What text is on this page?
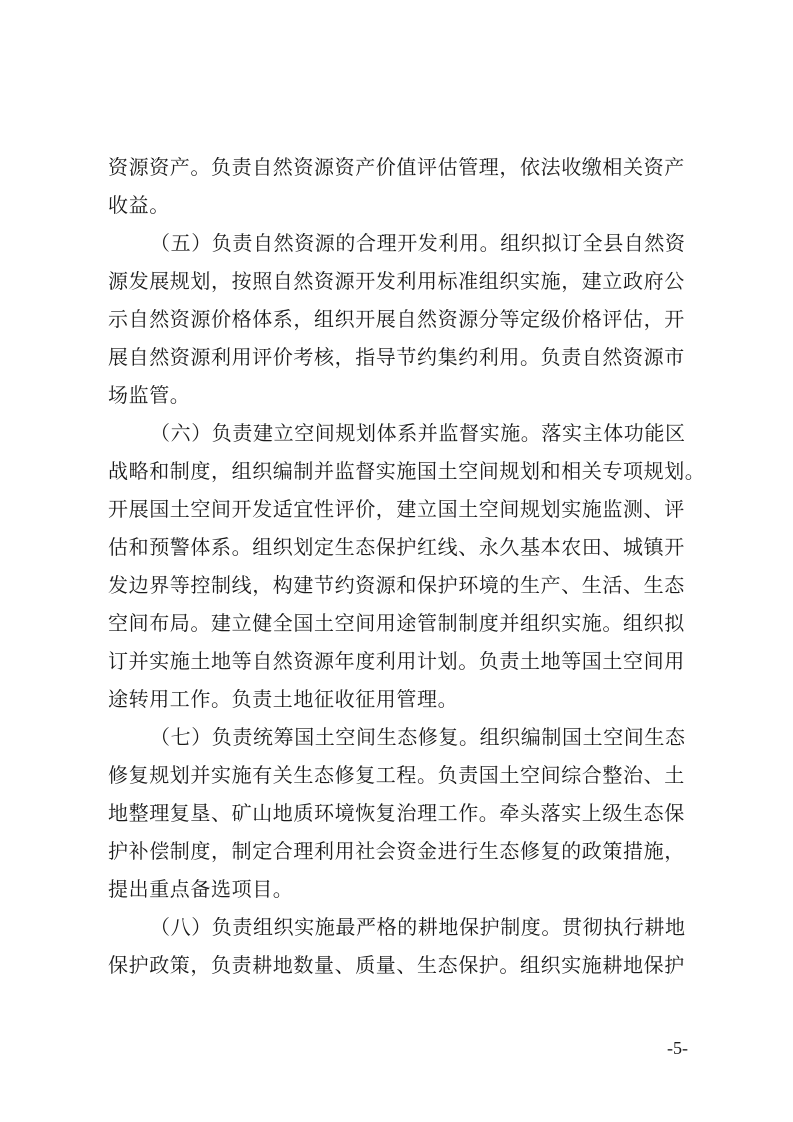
资源资产。负责自然资源资产价值评估管理，依法收缴相关资产
收益。
（五）负责自然资源的合理开发利用。组织拟订全县自然资
源发展规划，按照自然资源开发利用标准组织实施，建立政府公
示自然资源价格体系，组织开展自然资源分等定级价格评估，开
展自然资源利用评价考核，指导节约集约利用。负责自然资源市
场监管。
（六）负责建立空间规划体系并监督实施。落实主体功能区
战略和制度，组织编制并监督实施国土空间规划和相关专项规划。
开展国土空间开发适宜性评价，建立国土空间规划实施监测、评
估和预警体系。组织划定生态保护红线、永久基本农田、城镇开
发边界等控制线，构建节约资源和保护环境的生产、生活、生态
空间布局。建立健全国土空间用途管制制度并组织实施。组织拟
订并实施土地等自然资源年度利用计划。负责土地等国土空间用
途转用工作。负责土地征收征用管理。
（七）负责统筹国土空间生态修复。组织编制国土空间生态
修复规划并实施有关生态修复工程。负责国土空间综合整治、土
地整理复垦、矿山地质环境恢复治理工作。牵头落实上级生态保
护补偿制度，制定合理利用社会资金进行生态修复的政策措施，
提出重点备选项目。
（八）负责组织实施最严格的耕地保护制度。贯彻执行耕地
保护政策，负责耕地数量、质量、生态保护。组织实施耕地保护
-5-
